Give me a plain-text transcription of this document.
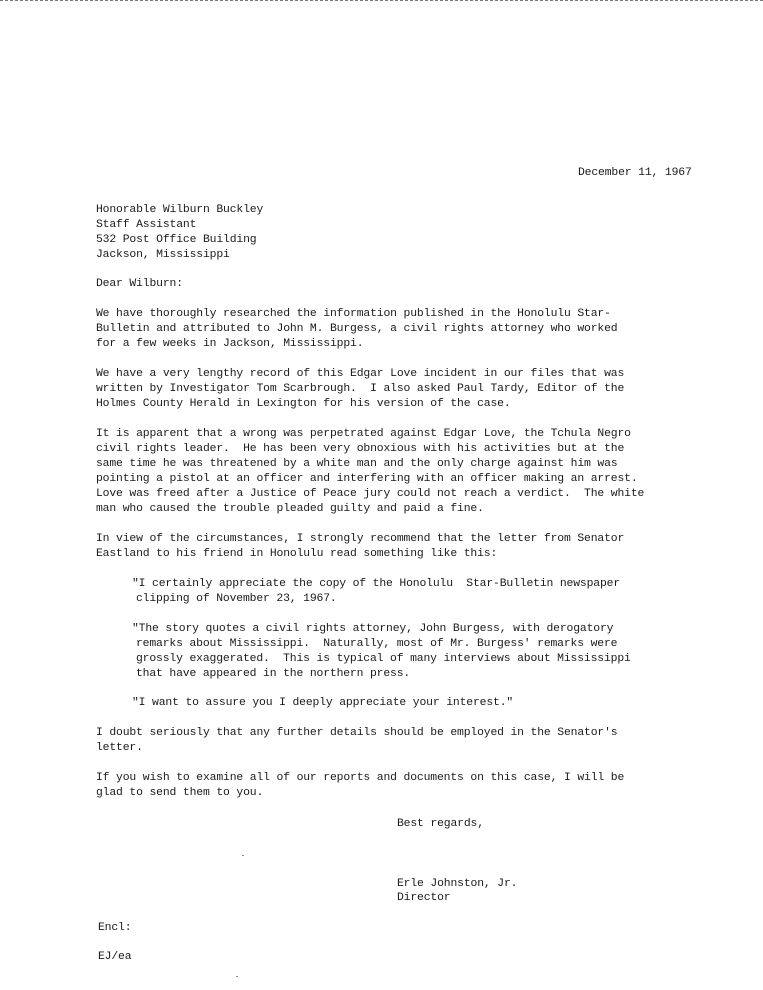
December 11, 1967
Honorable Wilburn Buckley
Staff Assistant
532 Post Office Building
Jackson, Mississippi
Dear Wilburn:
We have thoroughly researched the information published in the Honolulu Star-
Bulletin and attributed to John M. Burgess, a civil rights attorney who worked
for a few weeks in Jackson, Mississippi.
We have a very lengthy record of this Edgar Love incident in our files that was
written by Investigator Tom Scarbrough.  I also asked Paul Tardy, Editor of the
Holmes County Herald in Lexington for his version of the case.
It is apparent that a wrong was perpetrated against Edgar Love, the Tchula Negro
civil rights leader.  He has been very obnoxious with his activities but at the
same time he was threatened by a white man and the only charge against him was
pointing a pistol at an officer and interfering with an officer making an arrest.
Love was freed after a Justice of Peace jury could not reach a verdict.  The white
man who caused the trouble pleaded guilty and paid a fine.
In view of the circumstances, I strongly recommend that the letter from Senator
Eastland to his friend in Honolulu read something like this:
"I certainly appreciate the copy of the Honolulu  Star-Bulletin newspaper
clipping of November 23, 1967.
"The story quotes a civil rights attorney, John Burgess, with derogatory
remarks about Mississippi.  Naturally, most of Mr. Burgess' remarks were
grossly exaggerated.  This is typical of many interviews about Mississippi
that have appeared in the northern press.
"I want to assure you I deeply appreciate your interest."
I doubt seriously that any further details should be employed in the Senator's
letter.
If you wish to examine all of our reports and documents on this case, I will be
glad to send them to you.
Best regards,
Erle Johnston, Jr.
Director
Encl:
EJ/ea
